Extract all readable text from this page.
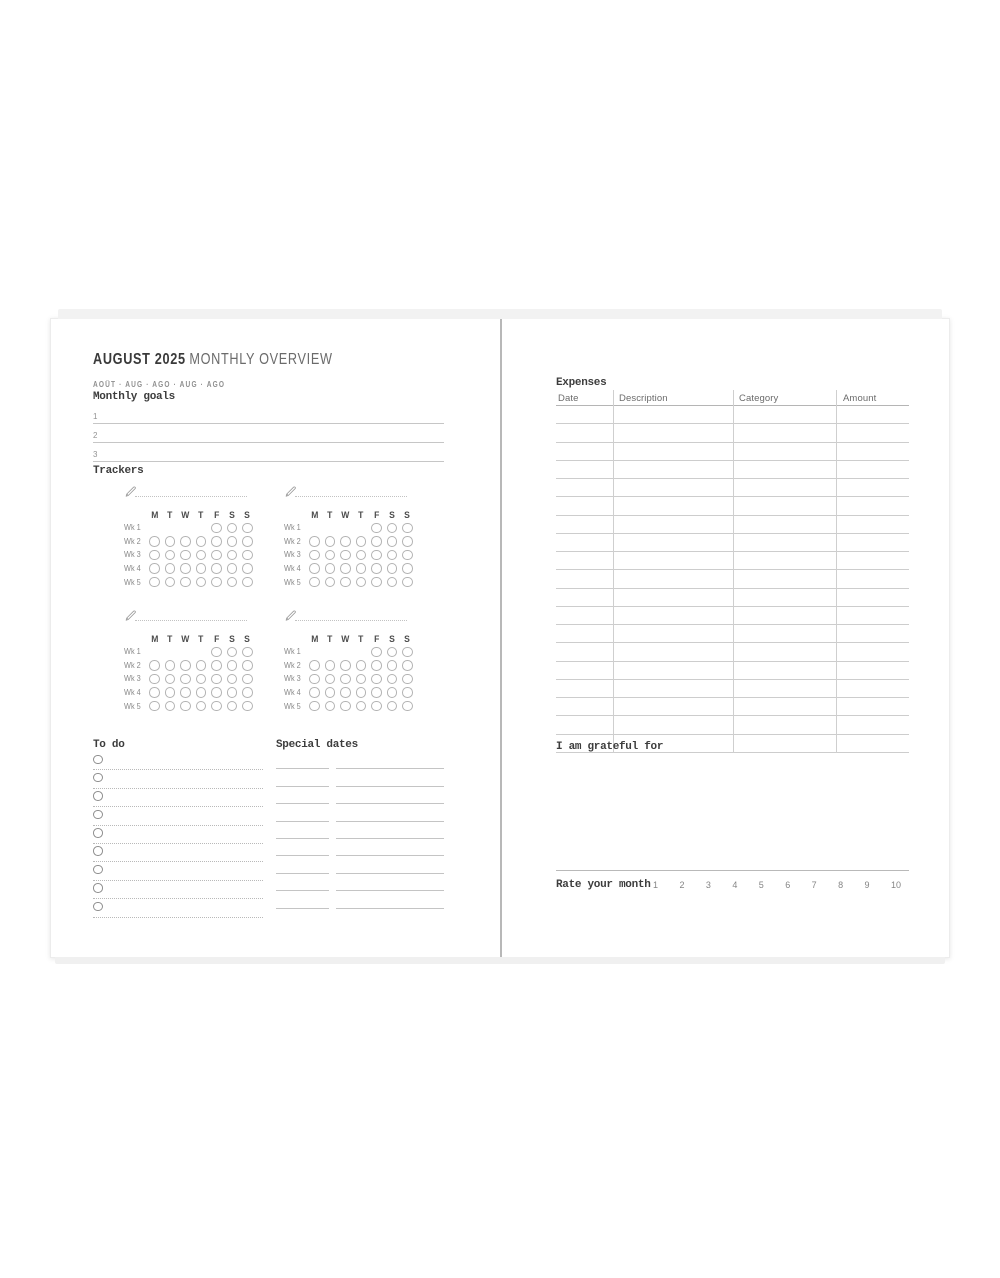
AUGUST 2025 MONTHLY OVERVIEW
AOÛT · AUG · AGO · AUG · AGO
Monthly goals
1
2
3
Trackers
M T W T F S S
Wk 1
Wk 2
Wk 3
Wk 4
Wk 5
M T W T F S S
Wk 1
Wk 2
Wk 3
Wk 4
Wk 5
M T W T F S S
Wk 1
Wk 2
Wk 3
Wk 4
Wk 5
M T W T F S S
Wk 1
Wk 2
Wk 3
Wk 4
Wk 5
To do	Special dates
Expenses
Date	Description	Category	Amount
I am grateful for
Rate your month 1 2 3 4 5 6 7 8 9 10
